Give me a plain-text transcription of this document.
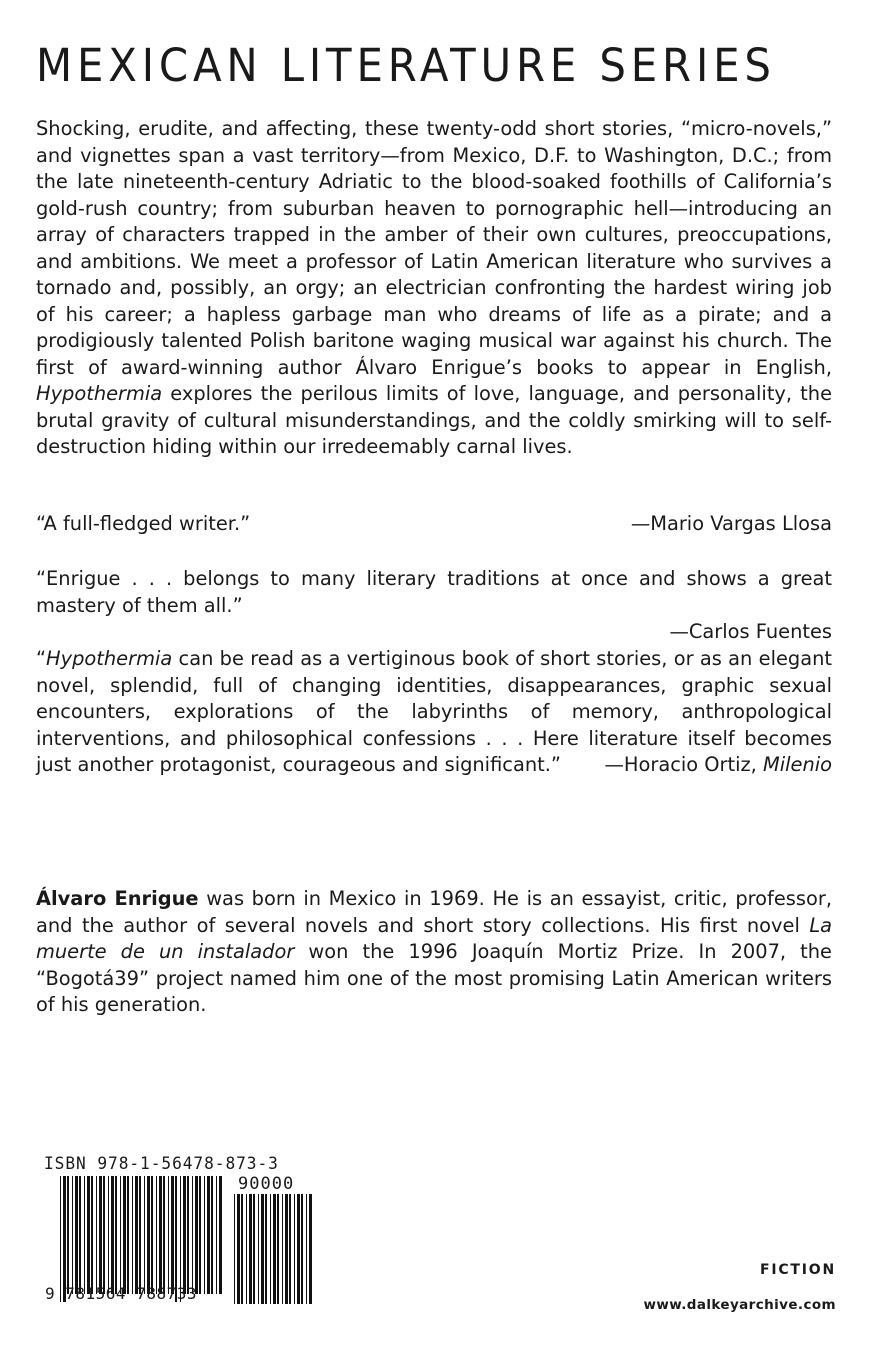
MEXICAN LITERATURE SERIES

Shocking, erudite, and affecting, these twenty-odd short stories, “micro-novels,” and vignettes span a vast territory—from Mexico, D.F. to Washington, D.C.; from the late nineteenth-century Adriatic to the blood-soaked foothills of California’s gold-rush country; from suburban heaven to pornographic hell—introducing an array of characters trapped in the amber of their own cultures, preoccupations, and ambitions. We meet a professor of Latin American literature who survives a tornado and, possibly, an orgy; an electrician confronting the hardest wiring job of his career; a hapless garbage man who dreams of life as a pirate; and a prodigiously talented Polish baritone waging musical war against his church. The first of award-winning author Álvaro Enrigue’s books to appear in English, Hypothermia explores the perilous limits of love, language, and personality, the brutal gravity of cultural misunderstandings, and the coldly smirking will to self-destruction hiding within our irredeemably carnal lives.

“A full-fledged writer.”	—Mario Vargas Llosa

“Enrigue . . . belongs to many literary traditions at once and shows a great mastery of them all.”

—Carlos Fuentes

“Hypothermia can be read as a vertiginous book of short stories, or as an elegant novel, splendid, full of changing identities, disappearances, graphic sexual encounters, explorations of the labyrinths of memory, anthropological interventions, and philosophical confessions . . . Here literature itself becomes just another protagonist, courageous and significant.” —Horacio Ortiz, Milenio

Álvaro Enrigue was born in Mexico in 1969. He is an essayist, critic, professor, and the author of several novels and short story collections. His first novel La muerte de un instalador won the 1996 Joaquín Mortiz Prize. In 2007, the “Bogotá39” project named him one of the most promising Latin American writers of his generation.

ISBN 978-1-56478-873-3
90000
9 781564 788733
FICTION
www.dalkeyarchive.com
